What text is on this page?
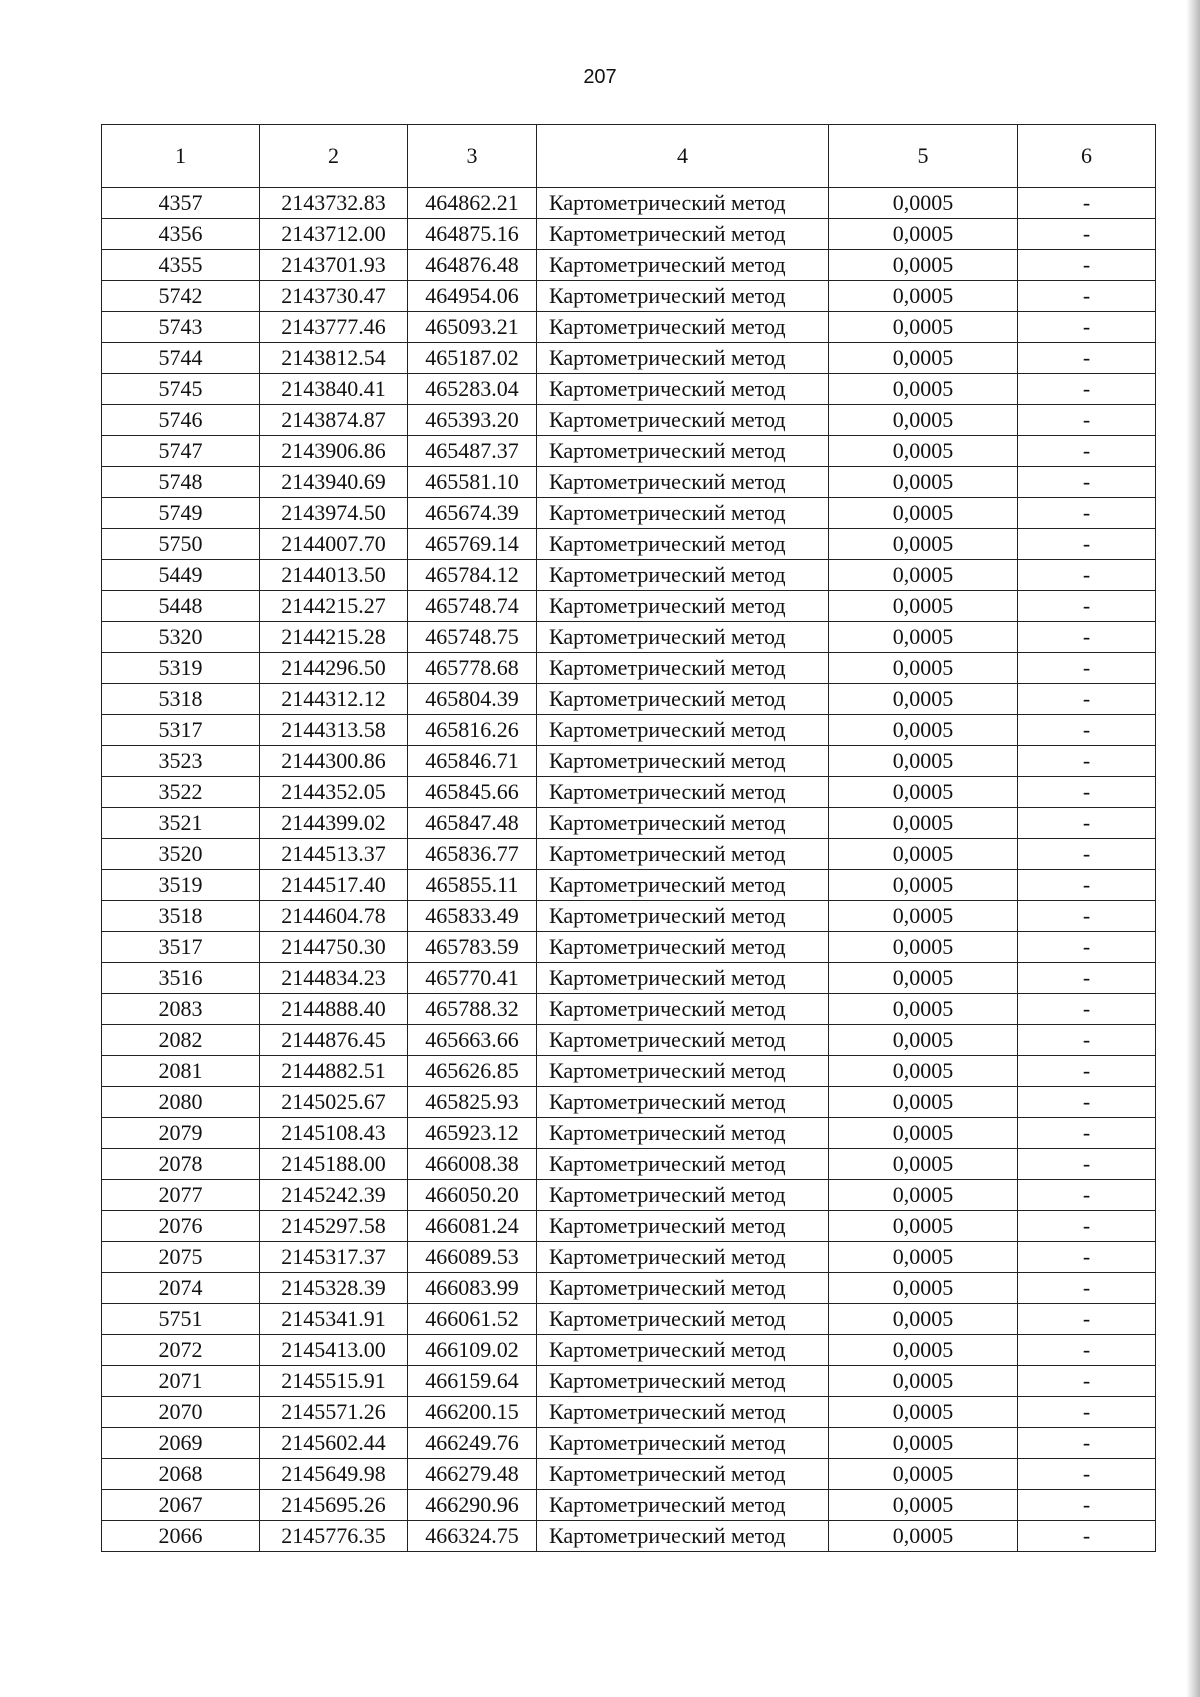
207
1	2	3	4	5	6
4357	2143732.83	464862.21	Картометрический метод	0,0005	-
4356	2143712.00	464875.16	Картометрический метод	0,0005	-
4355	2143701.93	464876.48	Картометрический метод	0,0005	-
5742	2143730.47	464954.06	Картометрический метод	0,0005	-
5743	2143777.46	465093.21	Картометрический метод	0,0005	-
5744	2143812.54	465187.02	Картометрический метод	0,0005	-
5745	2143840.41	465283.04	Картометрический метод	0,0005	-
5746	2143874.87	465393.20	Картометрический метод	0,0005	-
5747	2143906.86	465487.37	Картометрический метод	0,0005	-
5748	2143940.69	465581.10	Картометрический метод	0,0005	-
5749	2143974.50	465674.39	Картометрический метод	0,0005	-
5750	2144007.70	465769.14	Картометрический метод	0,0005	-
5449	2144013.50	465784.12	Картометрический метод	0,0005	-
5448	2144215.27	465748.74	Картометрический метод	0,0005	-
5320	2144215.28	465748.75	Картометрический метод	0,0005	-
5319	2144296.50	465778.68	Картометрический метод	0,0005	-
5318	2144312.12	465804.39	Картометрический метод	0,0005	-
5317	2144313.58	465816.26	Картометрический метод	0,0005	-
3523	2144300.86	465846.71	Картометрический метод	0,0005	-
3522	2144352.05	465845.66	Картометрический метод	0,0005	-
3521	2144399.02	465847.48	Картометрический метод	0,0005	-
3520	2144513.37	465836.77	Картометрический метод	0,0005	-
3519	2144517.40	465855.11	Картометрический метод	0,0005	-
3518	2144604.78	465833.49	Картометрический метод	0,0005	-
3517	2144750.30	465783.59	Картометрический метод	0,0005	-
3516	2144834.23	465770.41	Картометрический метод	0,0005	-
2083	2144888.40	465788.32	Картометрический метод	0,0005	-
2082	2144876.45	465663.66	Картометрический метод	0,0005	-
2081	2144882.51	465626.85	Картометрический метод	0,0005	-
2080	2145025.67	465825.93	Картометрический метод	0,0005	-
2079	2145108.43	465923.12	Картометрический метод	0,0005	-
2078	2145188.00	466008.38	Картометрический метод	0,0005	-
2077	2145242.39	466050.20	Картометрический метод	0,0005	-
2076	2145297.58	466081.24	Картометрический метод	0,0005	-
2075	2145317.37	466089.53	Картометрический метод	0,0005	-
2074	2145328.39	466083.99	Картометрический метод	0,0005	-
5751	2145341.91	466061.52	Картометрический метод	0,0005	-
2072	2145413.00	466109.02	Картометрический метод	0,0005	-
2071	2145515.91	466159.64	Картометрический метод	0,0005	-
2070	2145571.26	466200.15	Картометрический метод	0,0005	-
2069	2145602.44	466249.76	Картометрический метод	0,0005	-
2068	2145649.98	466279.48	Картометрический метод	0,0005	-
2067	2145695.26	466290.96	Картометрический метод	0,0005	-
2066	2145776.35	466324.75	Картометрический метод	0,0005	-
